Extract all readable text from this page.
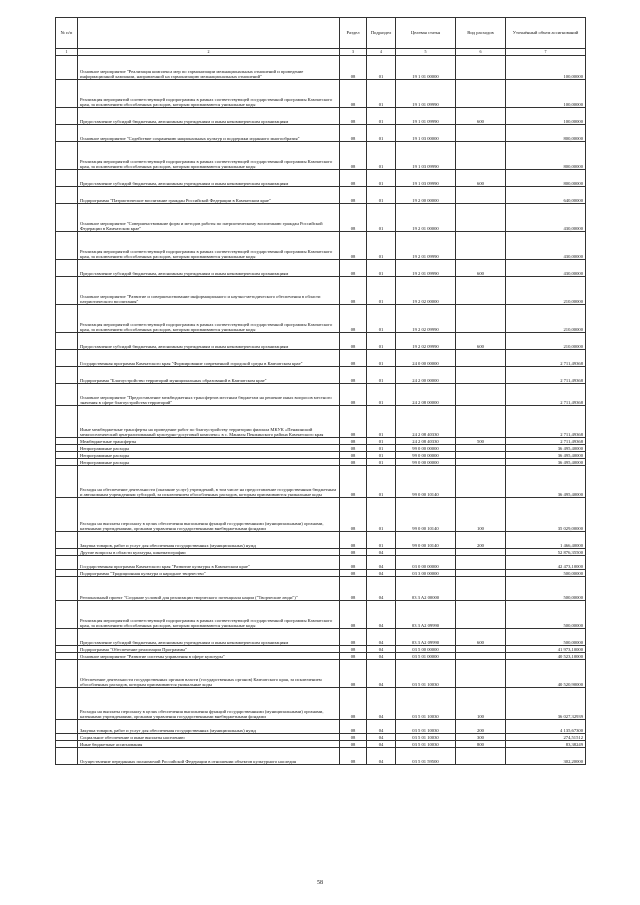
№ п/п		Раздел	Подраздел	Целевая статья	Вид расходов	Уточнённый объем ассигнований
1	2	3	4	5	6	7
	Основное мероприятие "Реализация комплекса мер по гармонизации межнациональных отношений и проведение информационной кампании, направленной на гармонизацию межнациональных отношений"	08	01	19 1 01 00000		100,00000
	Реализация мероприятий соответствующей подпрограммы в рамках соответствующей государственной программы Камчатского края, за исключением обособленных расходов, которым присваиваются уникальные коды	08	01	19 1 01 09990		100,00000
	Предоставление субсидий бюджетным, автономным учреждениям и иным некоммерческим организациям	08	01	19 1 01 09990	600	100,00000
	Основное мероприятие "Содействие сохранению национальных культур и поддержки изданного многообразия"	08	01	19 1 03 00000		800,00000
	Реализация мероприятий соответствующей подпрограммы в рамках соответствующей государственной программы Камчатского края, за исключением обособленных расходов, которым присваиваются уникальные коды	08	01	19 1 03 09990		800,00000
	Предоставление субсидий бюджетным, автономным учреждениям и иным некоммерческим организациям	08	01	19 1 03 09990	600	800,00000
	Подпрограмма "Патриотическое воспитание граждан Российской Федерации в Камчатском крае"	08	01	19 2 00 00000		640,00000
	Основное мероприятие "Совершенствование форм и методов работы по патриотическому воспитанию граждан Российской Федерации в Камчатском крае"	08	01	19 2 01 00000		430,00000
	Реализация мероприятий соответствующей подпрограммы в рамках соответствующей государственной программы Камчатского края, за исключением обособленных расходов, которым присваиваются уникальные коды	08	01	19 2 01 09990		430,00000
	Предоставление субсидий бюджетным, автономным учреждениям и иным некоммерческим организациям	08	01	19 2 01 09990	600	430,00000
	Основное мероприятие "Развитие и совершенствование информационного и научно-методического обеспечения в области патриотического воспитания"	08	01	19 2 02 00000		210,00000
	Реализация мероприятий соответствующей подпрограммы в рамках соответствующей государственной программы Камчатского края, за исключением обособленных расходов, которым присваиваются уникальные коды	08	01	19 2 02 09990		210,00000
	Предоставление субсидий бюджетным, автономным учреждениям и иным некоммерческим организациям	08	01	19 2 02 09990	600	210,00000
	Государственная программа Камчатского края "Формирование современной городской среды в Камчатском крае"	08	01	24 0 00 00000		2 711,49368
	Подпрограмма "Благоустройство территорий муниципальных образований в Камчатском крае"	08	01	24 2 00 00000		2 711,49368
	Основное мероприятие "Предоставление межбюджетных трансфертов местным бюджетам на решение иных вопросов местного значения в сфере благоустройства территорий"	08	01	24 2 08 00000		2 711,49368
	Иные межбюджетные трансферты на проведение работ по благоустройству территории филиала МКУК «Пенжинский межпоселенческий централизованный культурно-досуговый комплекс» в с. Манилы Пенжинского района Камчатского края	08	01	24 2 08 40330		2 711,49368
	Межбюджетные трансферты	08	01	24 2 08 40330	500	2 711,49368
	Непрограммные расходы	08	01	99 0 00 00000		36 495,40000
	Непрограммные расходы	08	01	99 0 00 00000		36 495,40000
	Непрограммные расходы	08	01	99 0 00 00000		36 495,40000
	Расходы на обеспечение деятельности (оказание услуг) учреждений, в том числе на предоставление государственным бюджетным и автономным учреждениям субсидий, за исключением обособленных расходов, которым присваиваются уникальные коды	08	01	99 0 00 10140		36 495,40000
	Расходы на выплаты персоналу в целях обеспечения выполнения функций государственными (муниципальными) органами, казенными учреждениями, органами управления государственными внебюджетными фондами	08	01	99 0 00 10140	100	35 029,00000
	Закупка товаров, работ и услуг для обеспечения государственных (муниципальных) нужд	08	01	99 0 00 10140	200	1 466,40000
	Другие вопросы в области культуры, кинематографии	08	04			52 876,35500
	Государственная программа Камчатского края "Развитие культуры в Камчатском крае"	08	04	03 0 00 00000		42 473,10000
	Подпрограмма "Традиционная культура и народное творчество"	08	04	03 3 00 00000		500,00000
	Региональный проект "Создание условий для реализации творческого потенциала нации ("Творческие люди")"	08	04	03 3 A2 00000		500,00000
	Реализация мероприятий соответствующей подпрограммы в рамках соответствующей государственной программы Камчатского края, за исключением обособленных расходов, которым присваиваются уникальные коды	08	04	03 3 A2 09990		500,00000
	Предоставление субсидий бюджетным, автономным учреждениям и иным некоммерческим организациям	08	04	03 3 A2 09990	600	500,00000
	Подпрограмма "Обеспечение реализации Программы"	08	04	03 5 00 00000		41 973,10000
	Основное мероприятие "Развитие системы управления в сфере культуры"	08	04	03 5 01 00000		40 523,10000
	Обеспечение деятельности государственных органов власти (государственных органов) Камчатского края, за исключением обособленных расходов, которым присваиваются уникальные коды	08	04	03 5 01 10030		40 520,90000
	Расходы на выплаты персоналу в целях обеспечения выполнения функций государственными (муниципальными) органами, казенными учреждениями, органами управления государственными внебюджетными фондами	08	04	03 5 01 10030	100	36 027,32939
	Закупка товаров, работ и услуг для обеспечения государственных (муниципальных) нужд	08	04	03 5 01 10030	200	4 135,67300
	Социальное обеспечение и иные выплаты населению	08	04	03 5 01 10030	300	274,51512
	Иные бюджетные ассигнования	08	04	03 5 01 10030	800	83,38249
	Осуществление переданных полномочий Российской Федерации в отношении объектов культурного наследия	08	04	03 5 01 59500		302,20000
58
